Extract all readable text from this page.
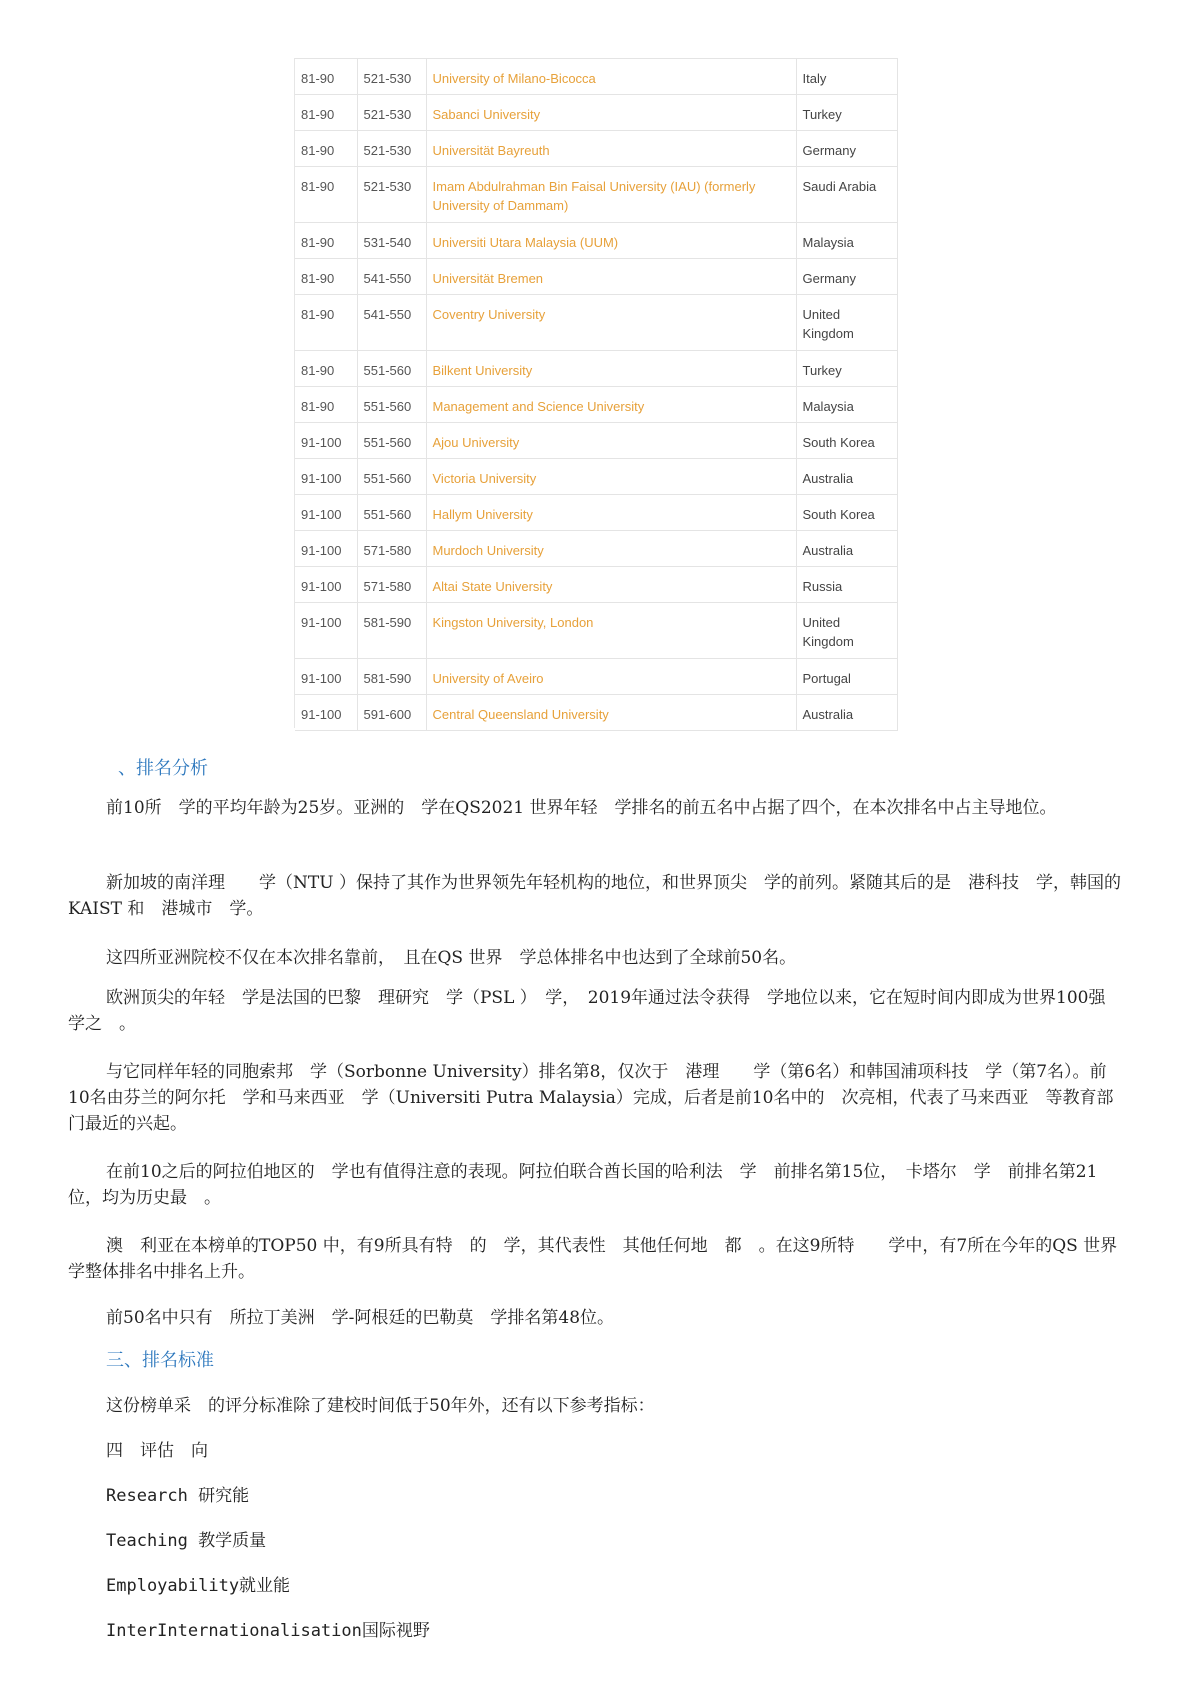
81-90	521-530	University of Milano-Bicocca	Italy
81-90	521-530	Sabanci University	Turkey
81-90	521-530	Universität Bayreuth	Germany
81-90	521-530	Imam Abdulrahman Bin Faisal University (IAU) (formerly University of Dammam)	Saudi Arabia
81-90	531-540	Universiti Utara Malaysia (UUM)	Malaysia
81-90	541-550	Universität Bremen	Germany
81-90	541-550	Coventry University	United Kingdom
81-90	551-560	Bilkent University	Turkey
81-90	551-560	Management and Science University	Malaysia
91-100	551-560	Ajou University	South Korea
91-100	551-560	Victoria University	Australia
91-100	551-560	Hallym University	South Korea
91-100	571-580	Murdoch University	Australia
91-100	571-580	Altai State University	Russia
91-100	581-590	Kingston University, London	United Kingdom
91-100	581-590	University of Aveiro	Portugal
91-100	591-600	Central Queensland University	Australia
、排名分析

前10所　学的平均年龄为25岁。亚洲的　学在QS2021 世界年轻　学排名的前五名中占据了四个，在本次排名中占主导地位。

新加坡的南洋理　　学（NTU ）保持了其作为世界领先年轻机构的地位，和世界顶尖　学的前列。紧随其后的是　港科技　学，韩国的KAIST 和　港城市　学。

这四所亚洲院校不仅在本次排名靠前，　且在QS 世界　学总体排名中也达到了全球前50名。

欧洲顶尖的年轻　学是法国的巴黎　理研究　学（PSL ）　学，　2019年通过法令获得　学地位以来，它在短时间内即成为世界100强　学之　。

与它同样年轻的同胞索邦　学（Sorbonne University）排名第8，仅次于　港理　　学（第6名）和韩国浦项科技　学（第7名）。前10名由芬兰的阿尔托　学和马来西亚　学（Universiti Putra Malaysia）完成，后者是前10名中的　次亮相，代表了马来西亚　等教育部门最近的兴起。

在前10之后的阿拉伯地区的　学也有值得注意的表现。阿拉伯联合酋长国的哈利法　学　前排名第15位，　卡塔尔　学　前排名第21位，均为历史最　。

澳　利亚在本榜单的TOP50 中，有9所具有特　的　学，其代表性　其他任何地　都　。在这9所特　　学中，有7所在今年的QS 世界　学整体排名中排名上升。

前50名中只有　所拉丁美洲　学-阿根廷的巴勒莫　学排名第48位。

三、排名标准
这份榜单采　的评分标准除了建校时间低于50年外，还有以下参考指标：
四　评估　向
Research 研究能
Teaching 教学质量
Employability就业能
InterInternationalisation国际视野
